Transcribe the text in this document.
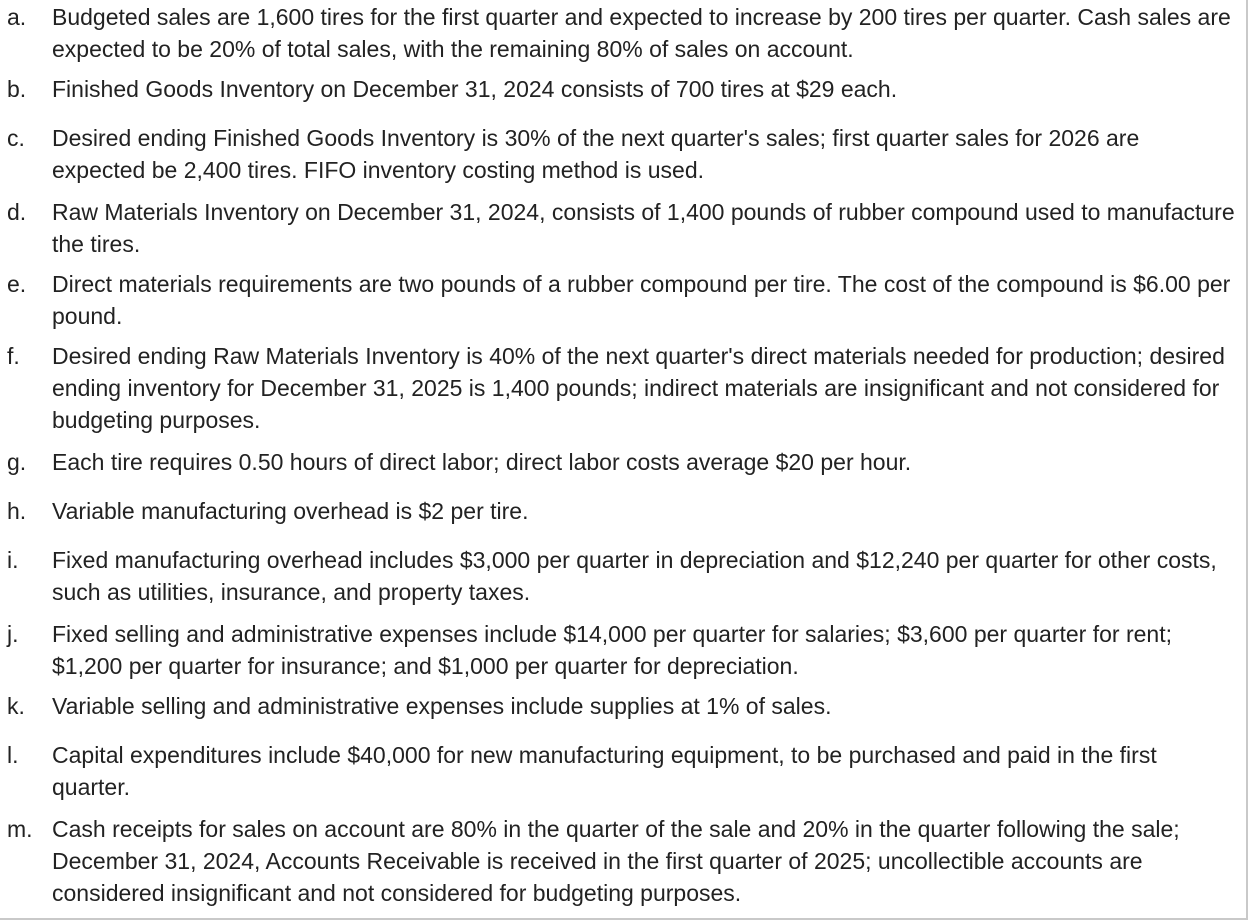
a.	Budgeted sales are 1,600 tires for the first quarter and expected to increase by 200 tires per quarter. Cash sales are expected to be 20% of total sales, with the remaining 80% of sales on account.
b.	Finished Goods Inventory on December 31, 2024 consists of 700 tires at $29 each.
c.	Desired ending Finished Goods Inventory is 30% of the next quarter's sales; first quarter sales for 2026 are expected be 2,400 tires. FIFO inventory costing method is used.
d.	Raw Materials Inventory on December 31, 2024, consists of 1,400 pounds of rubber compound used to manufacture the tires.
e.	Direct materials requirements are two pounds of a rubber compound per tire. The cost of the compound is $6.00 per pound.
f.	Desired ending Raw Materials Inventory is 40% of the next quarter's direct materials needed for production; desired ending inventory for December 31, 2025 is 1,400 pounds; indirect materials are insignificant and not considered for budgeting purposes.
g.	Each tire requires 0.50 hours of direct labor; direct labor costs average $20 per hour.
h.	Variable manufacturing overhead is $2 per tire.
i.	Fixed manufacturing overhead includes $3,000 per quarter in depreciation and $12,240 per quarter for other costs, such as utilities, insurance, and property taxes.
j.	Fixed selling and administrative expenses include $14,000 per quarter for salaries; $3,600 per quarter for rent; $1,200 per quarter for insurance; and $1,000 per quarter for depreciation.
k.	Variable selling and administrative expenses include supplies at 1% of sales.
l.	Capital expenditures include $40,000 for new manufacturing equipment, to be purchased and paid in the first quarter.
m. Cash receipts for sales on account are 80% in the quarter of the sale and 20% in the quarter following the sale; December 31, 2024, Accounts Receivable is received in the first quarter of 2025; uncollectible accounts are considered insignificant and not considered for budgeting purposes.
